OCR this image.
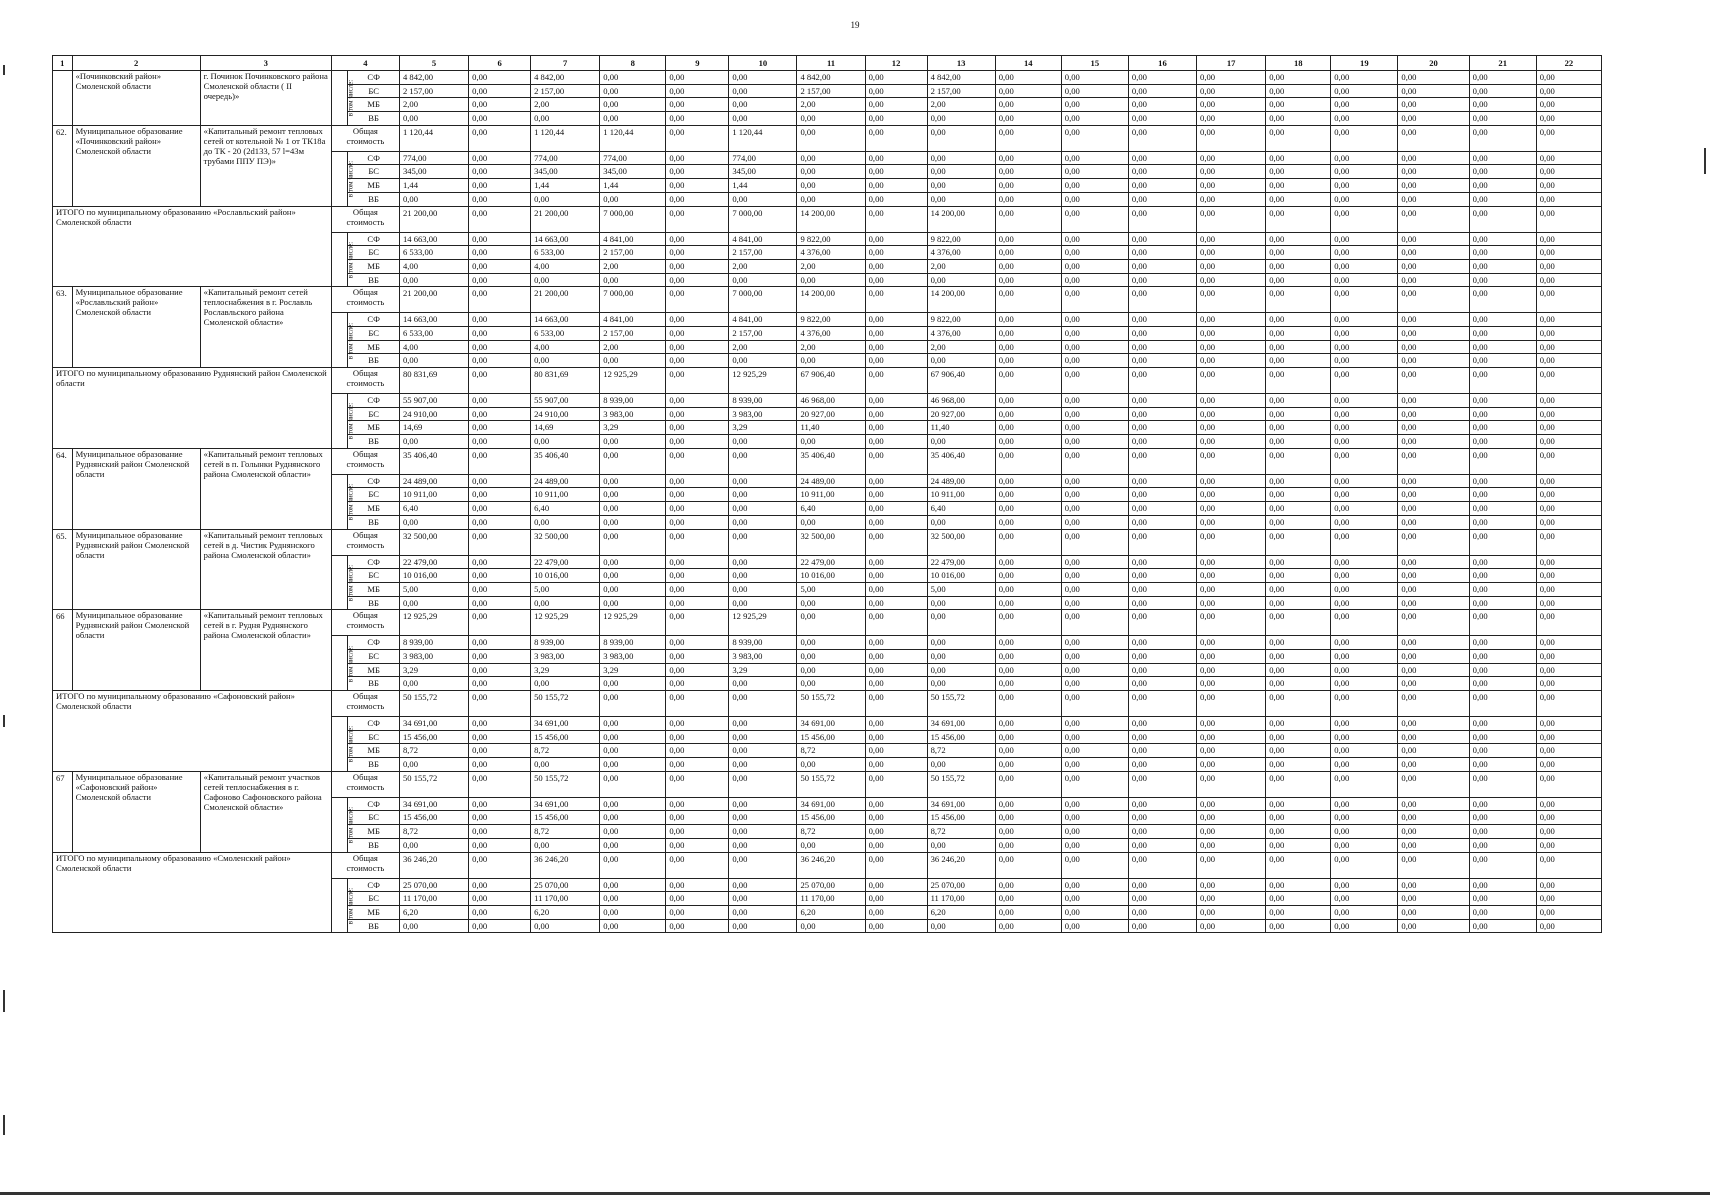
19
1	2	3	4		5	6	7	8	9	10	11	12	13	14	15	16	17	18	19	20	21	22
	«Починковский район» Смоленской области	г. Починок Починковского района Смоленской области ( II очередь)»	в том числе:	СФ	4 842,00	0,00	4 842,00	0,00	0,00	0,00	4 842,00	0,00	4 842,00	0,00	0,00	0,00	0,00	0,00	0,00	0,00	0,00	0,00
				БС	2 157,00	0,00	2 157,00	0,00	0,00	0,00	2 157,00	0,00	2 157,00	0,00	0,00	0,00	0,00	0,00	0,00	0,00	0,00	0,00
				МБ	2,00	0,00	2,00	0,00	0,00	0,00	2,00	0,00	2,00	0,00	0,00	0,00	0,00	0,00	0,00	0,00	0,00	0,00
				ВБ	0,00	0,00	0,00	0,00	0,00	0,00	0,00	0,00	0,00	0,00	0,00	0,00	0,00	0,00	0,00	0,00	0,00	0,00
62.	Муниципальное образование «Починковский район» Смоленской области	«Капитальный ремонт тепловых сетей от котельной № 1 от ТК18а до ТК - 20 (2d133, 57 l=43м трубами ППУ ПЭ)»	Общая стоимость		1 120,44	0,00	1 120,44	1 120,44	0,00	1 120,44	0,00	0,00	0,00	0,00	0,00	0,00	0,00	0,00	0,00	0,00	0,00	0,00
			в том числе:	СФ	774,00	0,00	774,00	774,00	0,00	774,00	0,00	0,00	0,00	0,00	0,00	0,00	0,00	0,00	0,00	0,00	0,00	0,00
				БС	345,00	0,00	345,00	345,00	0,00	345,00	0,00	0,00	0,00	0,00	0,00	0,00	0,00	0,00	0,00	0,00	0,00	0,00
				МБ	1,44	0,00	1,44	1,44	0,00	1,44	0,00	0,00	0,00	0,00	0,00	0,00	0,00	0,00	0,00	0,00	0,00	0,00
				ВБ	0,00	0,00	0,00	0,00	0,00	0,00	0,00	0,00	0,00	0,00	0,00	0,00	0,00	0,00	0,00	0,00	0,00	0,00
ИТОГО по муниципальному образованию «Рославльский район» Смоленской области			Общая стоимость		21 200,00	0,00	21 200,00	7 000,00	0,00	7 000,00	14 200,00	0,00	14 200,00	0,00	0,00	0,00	0,00	0,00	0,00	0,00	0,00	0,00
			в том числе:	СФ	14 663,00	0,00	14 663,00	4 841,00	0,00	4 841,00	9 822,00	0,00	9 822,00	0,00	0,00	0,00	0,00	0,00	0,00	0,00	0,00	0,00
				БС	6 533,00	0,00	6 533,00	2 157,00	0,00	2 157,00	4 376,00	0,00	4 376,00	0,00	0,00	0,00	0,00	0,00	0,00	0,00	0,00	0,00
				МБ	4,00	0,00	4,00	2,00	0,00	2,00	2,00	0,00	2,00	0,00	0,00	0,00	0,00	0,00	0,00	0,00	0,00	0,00
				ВБ	0,00	0,00	0,00	0,00	0,00	0,00	0,00	0,00	0,00	0,00	0,00	0,00	0,00	0,00	0,00	0,00	0,00	0,00
63.	Муниципальное образование «Рославльский район» Смоленской области	«Капитальный ремонт сетей теплоснабжения в г. Рославль Рославльского района Смоленской области»	Общая стоимость		21 200,00	0,00	21 200,00	7 000,00	0,00	7 000,00	14 200,00	0,00	14 200,00	0,00	0,00	0,00	0,00	0,00	0,00	0,00	0,00	0,00
			в том числе:	СФ	14 663,00	0,00	14 663,00	4 841,00	0,00	4 841,00	9 822,00	0,00	9 822,00	0,00	0,00	0,00	0,00	0,00	0,00	0,00	0,00	0,00
				БС	6 533,00	0,00	6 533,00	2 157,00	0,00	2 157,00	4 376,00	0,00	4 376,00	0,00	0,00	0,00	0,00	0,00	0,00	0,00	0,00	0,00
				МБ	4,00	0,00	4,00	2,00	0,00	2,00	2,00	0,00	2,00	0,00	0,00	0,00	0,00	0,00	0,00	0,00	0,00	0,00
				ВБ	0,00	0,00	0,00	0,00	0,00	0,00	0,00	0,00	0,00	0,00	0,00	0,00	0,00	0,00	0,00	0,00	0,00	0,00
ИТОГО по муниципальному образованию Руднянский район Смоленской области			Общая стоимость		80 831,69	0,00	80 831,69	12 925,29	0,00	12 925,29	67 906,40	0,00	67 906,40	0,00	0,00	0,00	0,00	0,00	0,00	0,00	0,00	0,00
			в том числе:	СФ	55 907,00	0,00	55 907,00	8 939,00	0,00	8 939,00	46 968,00	0,00	46 968,00	0,00	0,00	0,00	0,00	0,00	0,00	0,00	0,00	0,00
				БС	24 910,00	0,00	24 910,00	3 983,00	0,00	3 983,00	20 927,00	0,00	20 927,00	0,00	0,00	0,00	0,00	0,00	0,00	0,00	0,00	0,00
				МБ	14,69	0,00	14,69	3,29	0,00	3,29	11,40	0,00	11,40	0,00	0,00	0,00	0,00	0,00	0,00	0,00	0,00	0,00
				ВБ	0,00	0,00	0,00	0,00	0,00	0,00	0,00	0,00	0,00	0,00	0,00	0,00	0,00	0,00	0,00	0,00	0,00	0,00
64.	Муниципальное образование Руднянский район Смоленской области	«Капитальный ремонт тепловых сетей в п. Голынки Руднянского района Смоленской области»	Общая стоимость		35 406,40	0,00	35 406,40	0,00	0,00	0,00	35 406,40	0,00	35 406,40	0,00	0,00	0,00	0,00	0,00	0,00	0,00	0,00	0,00
			в том числе:	СФ	24 489,00	0,00	24 489,00	0,00	0,00	0,00	24 489,00	0,00	24 489,00	0,00	0,00	0,00	0,00	0,00	0,00	0,00	0,00	0,00
				БС	10 911,00	0,00	10 911,00	0,00	0,00	0,00	10 911,00	0,00	10 911,00	0,00	0,00	0,00	0,00	0,00	0,00	0,00	0,00	0,00
				МБ	6,40	0,00	6,40	0,00	0,00	0,00	6,40	0,00	6,40	0,00	0,00	0,00	0,00	0,00	0,00	0,00	0,00	0,00
				ВБ	0,00	0,00	0,00	0,00	0,00	0,00	0,00	0,00	0,00	0,00	0,00	0,00	0,00	0,00	0,00	0,00	0,00	0,00
65.	Муниципальное образование Руднянский район Смоленской области	«Капитальный ремонт тепловых сетей в д. Чистик Руднянского района Смоленской области»	Общая стоимость		32 500,00	0,00	32 500,00	0,00	0,00	0,00	32 500,00	0,00	32 500,00	0,00	0,00	0,00	0,00	0,00	0,00	0,00	0,00	0,00
			в том числе:	СФ	22 479,00	0,00	22 479,00	0,00	0,00	0,00	22 479,00	0,00	22 479,00	0,00	0,00	0,00	0,00	0,00	0,00	0,00	0,00	0,00
				БС	10 016,00	0,00	10 016,00	0,00	0,00	0,00	10 016,00	0,00	10 016,00	0,00	0,00	0,00	0,00	0,00	0,00	0,00	0,00	0,00
				МБ	5,00	0,00	5,00	0,00	0,00	0,00	5,00	0,00	5,00	0,00	0,00	0,00	0,00	0,00	0,00	0,00	0,00	0,00
				ВБ	0,00	0,00	0,00	0,00	0,00	0,00	0,00	0,00	0,00	0,00	0,00	0,00	0,00	0,00	0,00	0,00	0,00	0,00
66	Муниципальное образование Руднянский район Смоленской области	«Капитальный ремонт тепловых сетей в г. Рудня Руднянского района Смоленской области»	Общая стоимость		12 925,29	0,00	12 925,29	12 925,29	0,00	12 925,29	0,00	0,00	0,00	0,00	0,00	0,00	0,00	0,00	0,00	0,00	0,00	0,00
			в том числе:	СФ	8 939,00	0,00	8 939,00	8 939,00	0,00	8 939,00	0,00	0,00	0,00	0,00	0,00	0,00	0,00	0,00	0,00	0,00	0,00	0,00
				БС	3 983,00	0,00	3 983,00	3 983,00	0,00	3 983,00	0,00	0,00	0,00	0,00	0,00	0,00	0,00	0,00	0,00	0,00	0,00	0,00
				МБ	3,29	0,00	3,29	3,29	0,00	3,29	0,00	0,00	0,00	0,00	0,00	0,00	0,00	0,00	0,00	0,00	0,00	0,00
				ВБ	0,00	0,00	0,00	0,00	0,00	0,00	0,00	0,00	0,00	0,00	0,00	0,00	0,00	0,00	0,00	0,00	0,00	0,00
ИТОГО по муниципальному образованию «Сафоновский район» Смоленской области			Общая стоимость		50 155,72	0,00	50 155,72	0,00	0,00	0,00	50 155,72	0,00	50 155,72	0,00	0,00	0,00	0,00	0,00	0,00	0,00	0,00	0,00
			в том числе:	СФ	34 691,00	0,00	34 691,00	0,00	0,00	0,00	34 691,00	0,00	34 691,00	0,00	0,00	0,00	0,00	0,00	0,00	0,00	0,00	0,00
				БС	15 456,00	0,00	15 456,00	0,00	0,00	0,00	15 456,00	0,00	15 456,00	0,00	0,00	0,00	0,00	0,00	0,00	0,00	0,00	0,00
				МБ	8,72	0,00	8,72	0,00	0,00	0,00	8,72	0,00	8,72	0,00	0,00	0,00	0,00	0,00	0,00	0,00	0,00	0,00
				ВБ	0,00	0,00	0,00	0,00	0,00	0,00	0,00	0,00	0,00	0,00	0,00	0,00	0,00	0,00	0,00	0,00	0,00	0,00
67	Муниципальное образование «Сафоновский район» Смоленской области	«Капитальный ремонт участков сетей теплоснабжения в г. Сафоново Сафоновского района Смоленской области»	Общая стоимость		50 155,72	0,00	50 155,72	0,00	0,00	0,00	50 155,72	0,00	50 155,72	0,00	0,00	0,00	0,00	0,00	0,00	0,00	0,00	0,00
			в том числе:	СФ	34 691,00	0,00	34 691,00	0,00	0,00	0,00	34 691,00	0,00	34 691,00	0,00	0,00	0,00	0,00	0,00	0,00	0,00	0,00	0,00
				БС	15 456,00	0,00	15 456,00	0,00	0,00	0,00	15 456,00	0,00	15 456,00	0,00	0,00	0,00	0,00	0,00	0,00	0,00	0,00	0,00
				МБ	8,72	0,00	8,72	0,00	0,00	0,00	8,72	0,00	8,72	0,00	0,00	0,00	0,00	0,00	0,00	0,00	0,00	0,00
				ВБ	0,00	0,00	0,00	0,00	0,00	0,00	0,00	0,00	0,00	0,00	0,00	0,00	0,00	0,00	0,00	0,00	0,00	0,00
ИТОГО по муниципальному образованию «Смоленский район» Смоленской области			Общая стоимость		36 246,20	0,00	36 246,20	0,00	0,00	0,00	36 246,20	0,00	36 246,20	0,00	0,00	0,00	0,00	0,00	0,00	0,00	0,00	0,00
			в том числе:	СФ	25 070,00	0,00	25 070,00	0,00	0,00	0,00	25 070,00	0,00	25 070,00	0,00	0,00	0,00	0,00	0,00	0,00	0,00	0,00	0,00
				БС	11 170,00	0,00	11 170,00	0,00	0,00	0,00	11 170,00	0,00	11 170,00	0,00	0,00	0,00	0,00	0,00	0,00	0,00	0,00	0,00
				МБ	6,20	0,00	6,20	0,00	0,00	0,00	6,20	0,00	6,20	0,00	0,00	0,00	0,00	0,00	0,00	0,00	0,00	0,00
				ВБ	0,00	0,00	0,00	0,00	0,00	0,00	0,00	0,00	0,00	0,00	0,00	0,00	0,00	0,00	0,00	0,00	0,00	0,00
